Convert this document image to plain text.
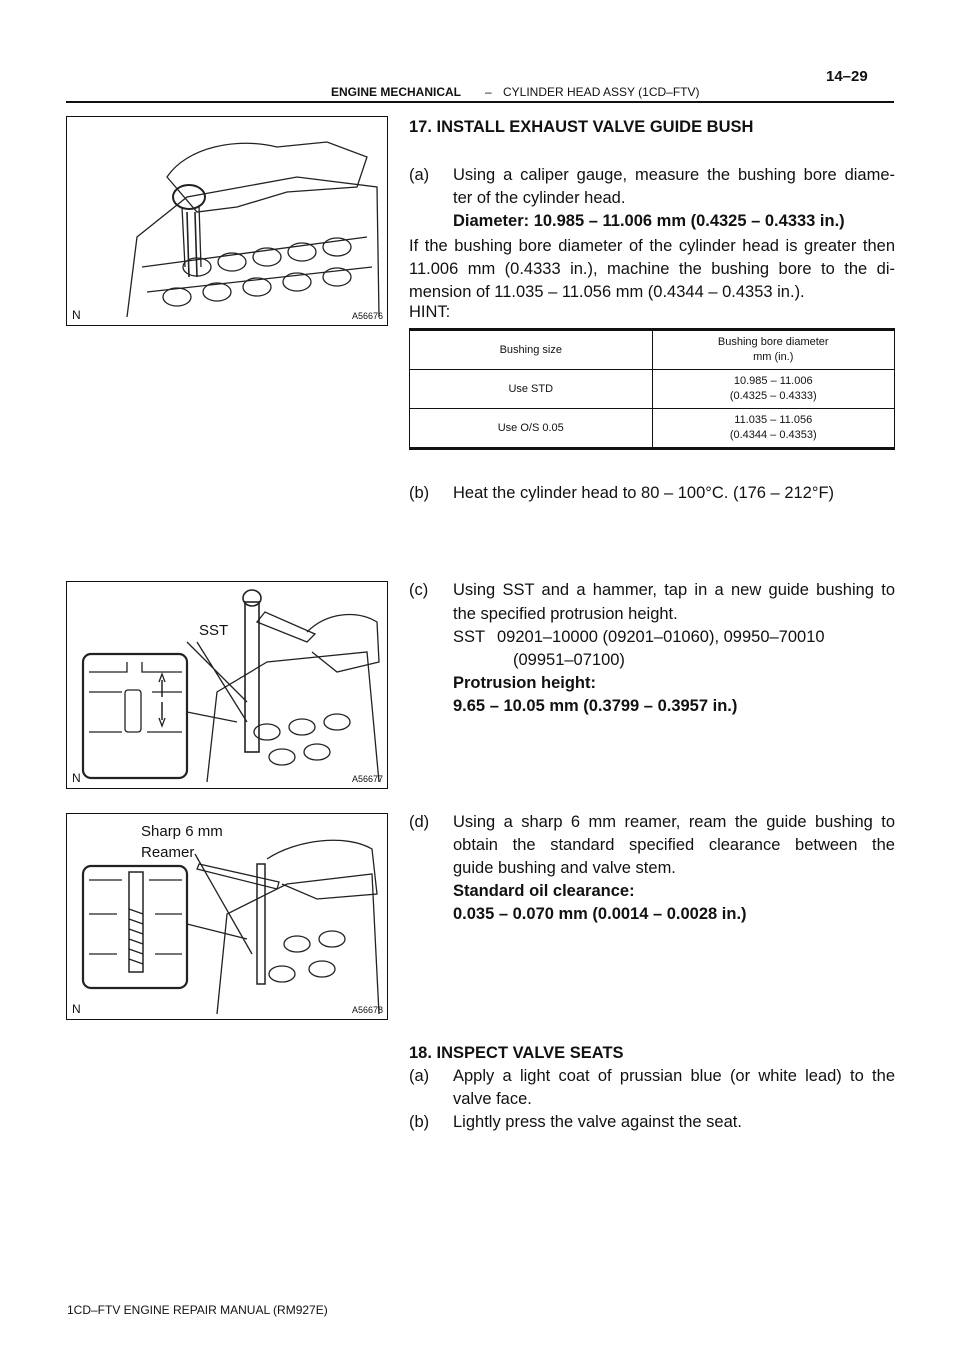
ENGINE MECHANICAL – CYLINDER HEAD ASSY (1CD–FTV)
14–29
N	A56676
SST
N	A56677
Sharp 6 mm
Reamer
N	A56678
17. INSTALL EXHAUST VALVE GUIDE BUSH
(a) Using a caliper gauge, measure the bushing bore diame-
ter of the cylinder head.
Diameter: 10.985 – 11.006 mm (0.4325 – 0.4333 in.)
If the bushing bore diameter of the cylinder head is greater then
11.006 mm (0.4333 in.), machine the bushing bore to the di-
mension of 11.035 – 11.056 mm (0.4344 – 0.4353 in.).
HINT:
Bushing size	Bushing bore diameter
mm (in.)

Use STD	10.985 – 11.006
(0.4325 – 0.4333)

Use O/S 0.05	11.035 – 11.056
(0.4344 – 0.4353)
(b) Heat the cylinder head to 80 – 100°C. (176 – 212°F)
(c) Using SST and a hammer, tap in a new guide bushing to
the specified protrusion height.
SST 09201–10000 (09201–01060), 09950–70010
(09951–07100)
Protrusion height:
9.65 – 10.05 mm (0.3799 – 0.3957 in.)
(d) Using a sharp 6 mm reamer, ream the guide bushing to
obtain the standard specified clearance between the
guide bushing and valve stem.
Standard oil clearance:
0.035 – 0.070 mm (0.0014 – 0.0028 in.)
18. INSPECT VALVE SEATS
(a) Apply a light coat of prussian blue (or white lead) to the
valve face.
(b) Lightly press the valve against the seat.
1CD–FTV ENGINE REPAIR MANUAL (RM927E)
